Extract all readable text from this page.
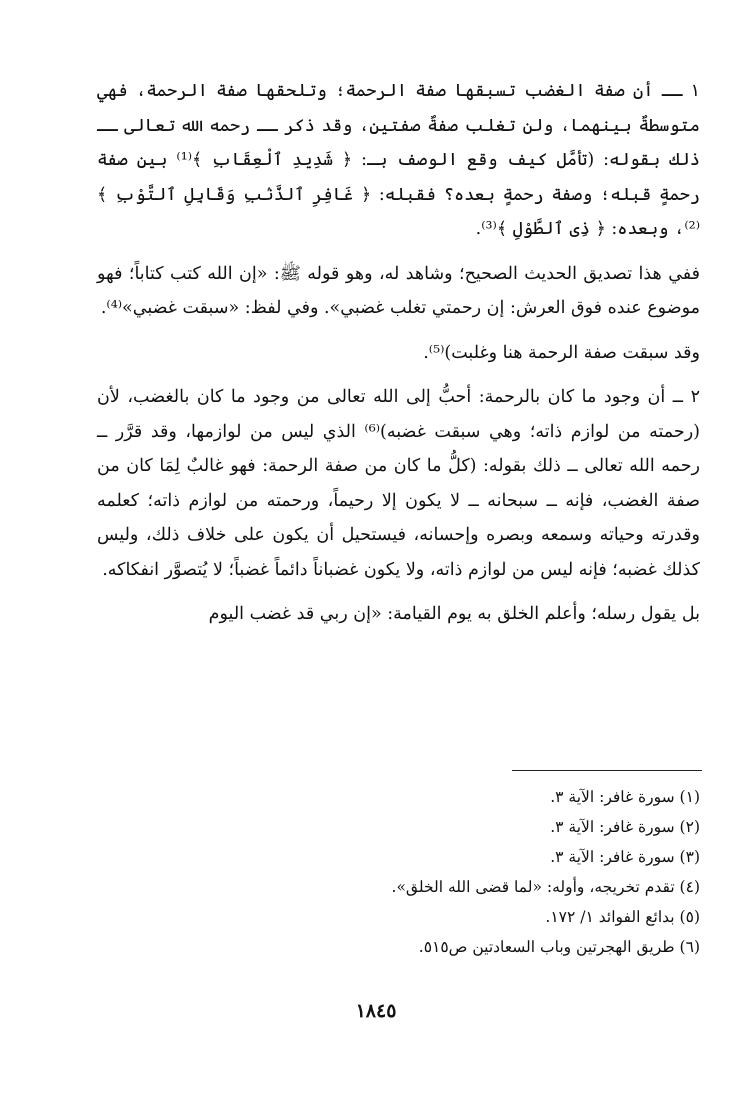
١ ــ أن صفة الغضب تسبقها صفة الرحمة؛ وتلحقها صفة الرحمة، فهي متوسطةٌ بينهما، ولن تغلب صفةٌ صفتين، وقد ذكر ــ رحمه الله تعالى ــ ذلك بقوله: (تأمَّل كيف وقع الوصف بـ: ﴿ شَدِيدِ ٱلْعِقَابِ ﴾⁽¹⁾ بين صفة رحمةٍ قبله؛ وصفة رحمةٍ بعده؟ فقبله: ﴿ غَافِرِ ٱلذَّنۢبِ وَقَابِلِ ٱلتَّوْبِ ﴾⁽²⁾، وبعده: ﴿ ذِى ٱلطَّوْلِ ﴾⁽³⁾.

ففي هذا تصديق الحديث الصحيح؛ وشاهد له، وهو قوله ﷺ: «إن الله كتب كتاباً؛ فهو موضوع عنده فوق العرش: إن رحمتي تغلب غضبي». وفي لفظ: «سبقت غضبي»⁽⁴⁾.

وقد سبقت صفة الرحمة هنا وغلبت)⁽⁵⁾.

٢ ــ أن وجود ما كان بالرحمة: أحبُّ إلى الله تعالى من وجود ما كان بالغضب، لأن (رحمته من لوازم ذاته؛ وهي سبقت غضبه)⁽⁶⁾ الذي ليس من لوازمها، وقد قرَّر ــ رحمه الله تعالى ــ ذلك بقوله: (كلُّ ما كان من صفة الرحمة: فهو غالبٌ لِمَا كان من صفة الغضب، فإنه ــ سبحانه ــ لا يكون إلا رحيماً، ورحمته من لوازم ذاته؛ كعلمه وقدرته وحياته وسمعه وبصره وإحسانه، فيستحيل أن يكون على خلاف ذلك، وليس كذلك غضبه؛ فإنه ليس من لوازم ذاته، ولا يكون غضباناً دائماً غضباً؛ لا يُتصوَّر انفكاكه.

بل يقول رسله؛ وأعلم الخلق به يوم القيامة: «إن ربي قد غضب اليوم

(١) سورة غافر: الآية ٣.
(٢) سورة غافر: الآية ٣.
(٣) سورة غافر: الآية ٣.
(٤) تقدم تخريجه، وأوله: «لما قضى الله الخلق».
(٥) بدائع الفوائد ١/ ١٧٢.
(٦) طريق الهجرتين وباب السعادتين ص٥١٥.
١٨٤٥
